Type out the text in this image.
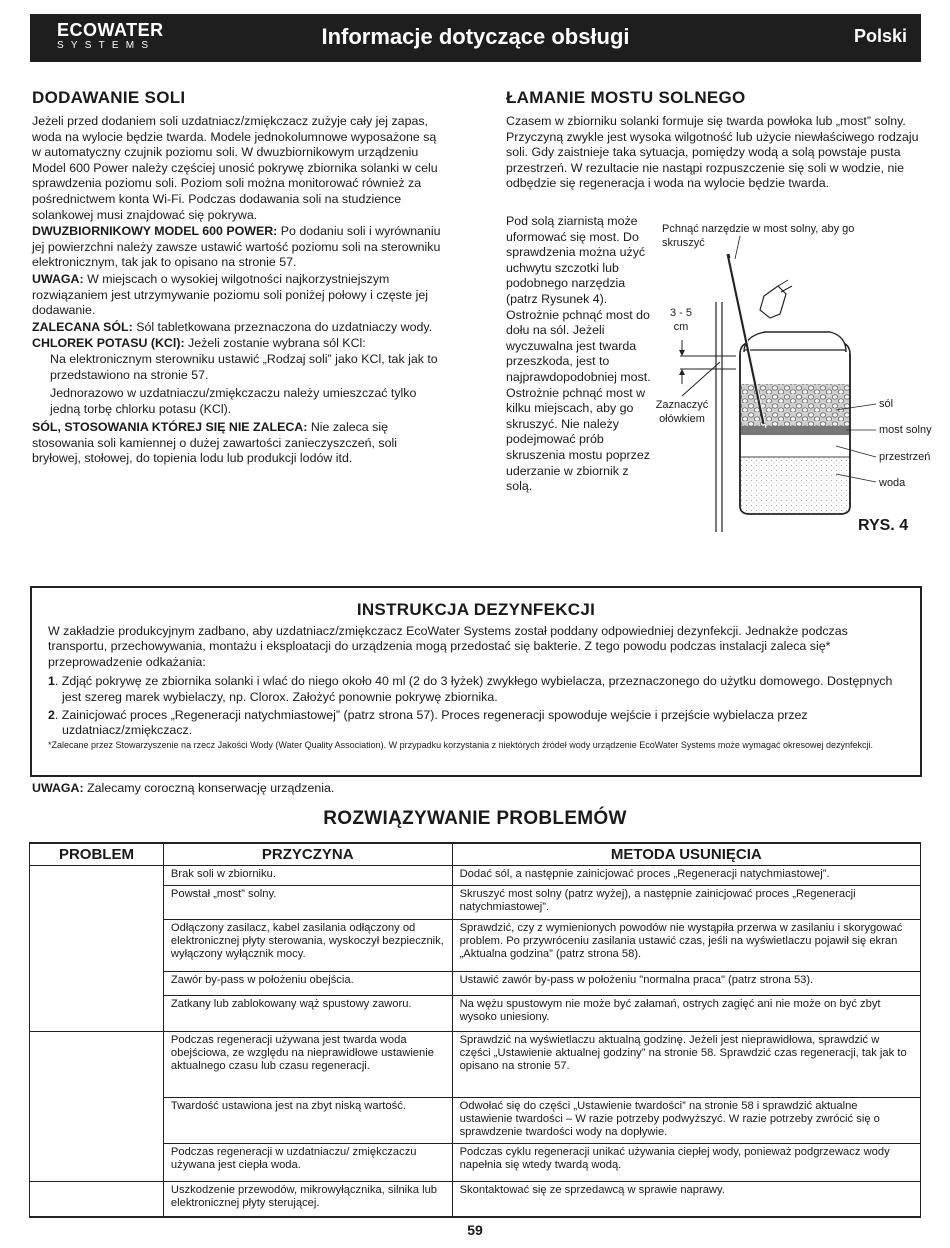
ECOWATER
SYSTEMS	Informacje dotyczące obsługi	Polski
DODAWANIE SOLI

Jeżeli przed dodaniem soli uzdatniacz/zmiękczacz zużyje cały jej zapas, woda na wylocie będzie twarda. Modele jednokolumnowe wyposażone są w automatyczny czujnik poziomu soli. W dwuzbiornikowym urządzeniu Model 600 Power należy częściej unosić pokrywę zbiornika solanki w celu sprawdzenia poziomu soli. Poziom soli można monitorować również za pośrednictwem konta Wi-Fi. Podczas dodawania soli na studzience solankowej musi znajdować się pokrywa.

DWUZBIORNIKOWY MODEL 600 POWER: Po dodaniu soli i wyrównaniu jej powierzchni należy zawsze ustawić wartość poziomu soli na sterowniku elektronicznym, tak jak to opisano na stronie 57.

UWAGA: W miejscach o wysokiej wilgotności najkorzystniejszym rozwiązaniem jest utrzymywanie poziomu soli poniżej połowy i częste jej dodawanie.

ZALECANA SÓL: Sól tabletkowana przeznaczona do uzdatniaczy wody.

CHLOREK POTASU (KCl): Jeżeli zostanie wybrana sól KCl:

Na elektronicznym sterowniku ustawić „Rodzaj soli” jako KCl, tak jak to przedstawiono na stronie 57.

Jednorazowo w uzdatniaczu/zmiękczaczu należy umieszczać tylko jedną torbę chlorku potasu (KCl).

SÓL, STOSOWANIA KTÓREJ SIĘ NIE ZALECA: Nie zaleca się stosowania soli kamiennej o dużej zawartości zanieczyszczeń, soli bryłowej, stołowej, do topienia lodu lub produkcji lodów itd.

ŁAMANIE MOSTU SOLNEGO

Czasem w zbiorniku solanki formuje się twarda powłoka lub „most” solny. Przyczyną zwykle jest wysoka wilgotność lub użycie niewłaściwego rodzaju soli. Gdy zaistnieje taka sytuacja, pomiędzy wodą a solą powstaje pusta przestrzeń. W rezultacie nie nastąpi rozpuszczenie się soli w wodzie, nie odbędzie się regeneracja i woda na wylocie będzie twarda.

Pod solą ziarnistą może uformować się most. Do sprawdzenia można użyć uchwytu szczotki lub podobnego narzędzia (patrz Rysunek 4). Ostrożnie pchnąć most do dołu na sól. Jeżeli wyczuwalna jest twarda przeszkoda, jest to najprawdopodobniej most. Ostrożnie pchnąć most w kilku miejscach, aby go skruszyć. Nie należy podejmować prób skruszenia mostu poprzez uderzanie w zbiornik z solą.

Pchnąć narzędzie w most solny, aby go skruszyć
3 - 5 cm
Zaznaczyć ołówkiem
sól
most solny
przestrzeń
woda
RYS. 4
INSTRUKCJA DEZYNFEKCJI

W zakładzie produkcyjnym zadbano, aby uzdatniacz/zmiękczacz EcoWater Systems został poddany odpowiedniej dezynfekcji. Jednakże podczas transportu, przechowywania, montażu i eksploatacji do urządzenia mogą przedostać się bakterie. Z tego powodu podczas instalacji zaleca się* przeprowadzenie odkażania:

1. Zdjąć pokrywę ze zbiornika solanki i wlać do niego około 40 ml (2 do 3 łyżek) zwykłego wybielacza, przeznaczonego do użytku domowego. Dostępnych jest szereg marek wybielaczy, np. Clorox. Założyć ponownie pokrywę zbiornika.

2. Zainicjować proces „Regeneracji natychmiastowej” (patrz strona 57). Proces regeneracji spowoduje wejście i przejście wybielacza przez uzdatniacz/zmiękczacz.

*Zalecane przez Stowarzyszenie na rzecz Jakości Wody (Water Quality Association). W przypadku korzystania z niektórych źródeł wody urządzenie EcoWater Systems może wymagać okresowej dezynfekcji.

UWAGA: Zalecamy coroczną konserwację urządzenia.
ROZWIĄZYWANIE PROBLEMÓW
PROBLEM	PRZYCZYNA	METODA USUNIĘCIA
	Brak soli w zbiorniku.	Dodać sól, a następnie zainicjować proces „Regeneracji natychmiastowej”.
	Powstał „most” solny.	Skruszyć most solny (patrz wyżej), a następnie zainicjować proces „Regeneracji natychmiastowej”.
	Odłączony zasilacz, kabel zasilania odłączony od elektronicznej płyty sterowania, wyskoczył bezpiecznik, wyłączony wyłącznik mocy.	Sprawdzić, czy z wymienionych powodów nie wystąpiła przerwa w zasilaniu i skorygować problem. Po przywróceniu zasilania ustawić czas, jeśli na wyświetlaczu pojawił się ekran „Aktualna godzina” (patrz strona 58).
	Zawór by-pass w położeniu obejścia.	Ustawić zawór by-pass w położeniu "normalna praca" (patrz strona 53).
	Zatkany lub zablokowany wąż spustowy zaworu.	Na wężu spustowym nie może być załamań, ostrych zagięć ani nie może on być zbyt wysoko uniesiony.
	Podczas regeneracji używana jest twarda woda obejściowa, ze względu na nieprawidłowe ustawienie aktualnego czasu lub czasu regeneracji.	Sprawdzić na wyświetlaczu aktualną godzinę. Jeżeli jest nieprawidłowa, sprawdzić w części „Ustawienie aktualnej godziny” na stronie 58. Sprawdzić czas regeneracji, tak jak to opisano na stronie 57.
	Twardość ustawiona jest na zbyt niską wartość.	Odwołać się do części „Ustawienie twardości” na stronie 58 i sprawdzić aktualne ustawienie twardości – W razie potrzeby podwyższyć. W razie potrzeby zwrócić się o sprawdzenie twardości wody na dopływie.
	Podczas regeneracji w uzdatniaczu/ zmiękczaczu używana jest ciepła woda.	Podczas cyklu regeneracji unikać używania ciepłej wody, ponieważ podgrzewacz wody napełnia się wtedy twardą wodą.
	Uszkodzenie przewodów, mikrowyłącznika, silnika lub elektronicznej płyty sterującej.	Skontaktować się ze sprzedawcą w sprawie naprawy.
59
